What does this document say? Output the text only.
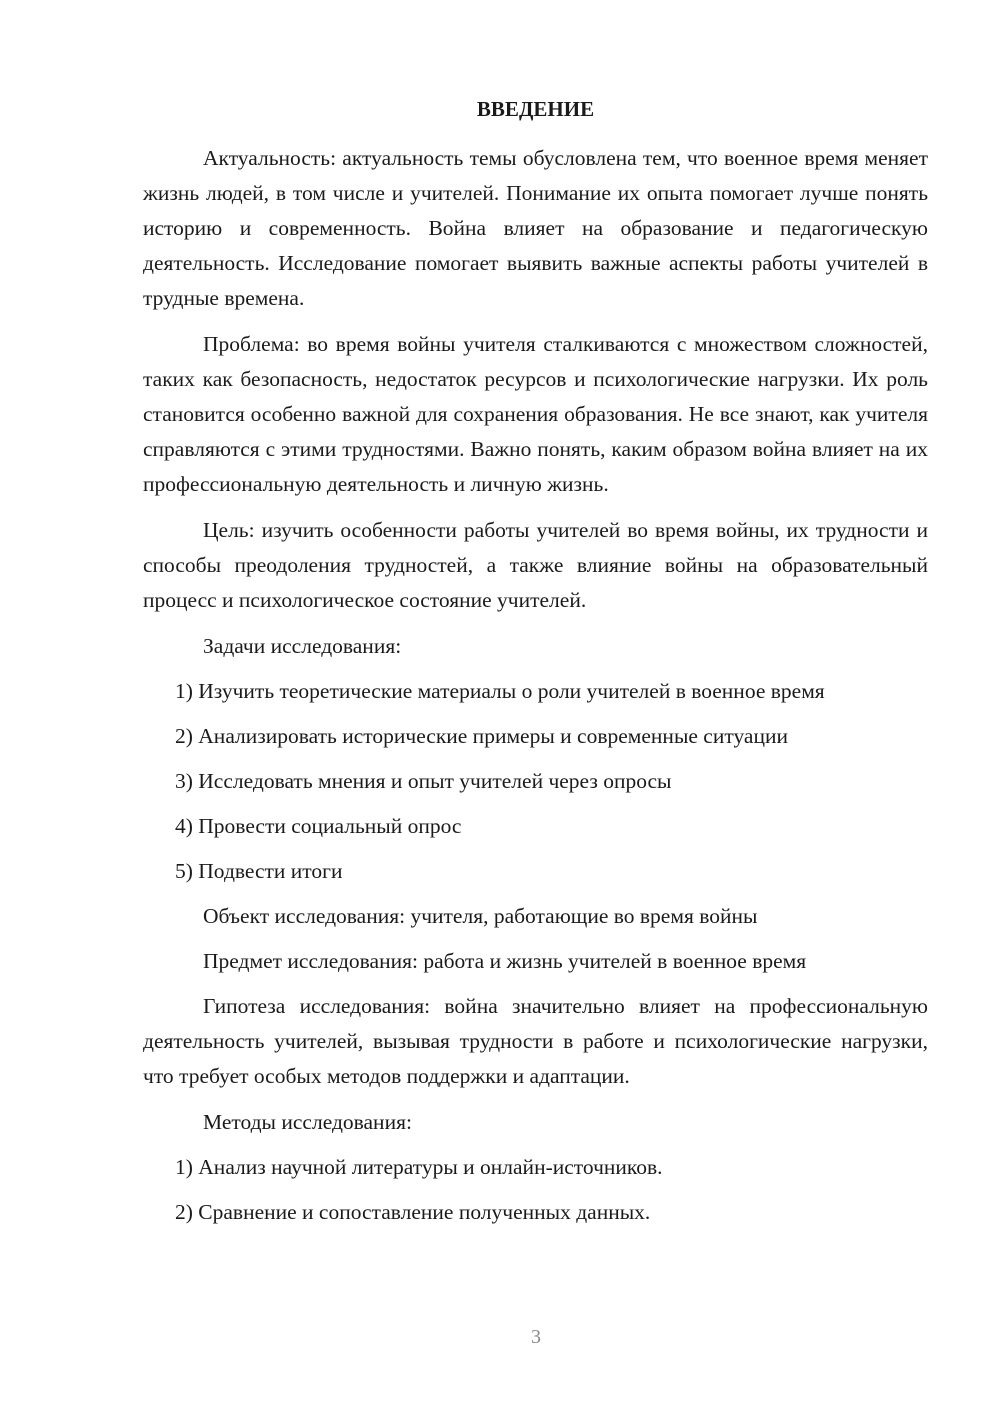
ВВЕДЕНИЕ

Актуальность: актуальность темы обусловлена тем, что военное время меняет жизнь людей, в том числе и учителей. Понимание их опыта помогает лучше понять историю и современность. Война влияет на образование и педагогическую деятельность. Исследование помогает выявить важные аспекты работы учителей в трудные времена.

Проблема: во время войны учителя сталкиваются с множеством сложностей, таких как безопасность, недостаток ресурсов и психологические нагрузки. Их роль становится особенно важной для сохранения образования. Не все знают, как учителя справляются с этими трудностями. Важно понять, каким образом война влияет на их профессиональную деятельность и личную жизнь.

Цель: изучить особенности работы учителей во время войны, их трудности и способы преодоления трудностей, а также влияние войны на образовательный процесс и психологическое состояние учителей.

Задачи исследования:

1) Изучить теоретические материалы о роли учителей в военное время

2) Анализировать исторические примеры и современные ситуации

3) Исследовать мнения и опыт учителей через опросы

4) Провести социальный опрос

5) Подвести итоги

Объект исследования: учителя, работающие во время войны

Предмет исследования: работа и жизнь учителей в военное время

Гипотеза исследования: война значительно влияет на профессиональную деятельность учителей, вызывая трудности в работе и психологические нагрузки, что требует особых методов поддержки и адаптации.

Методы исследования:

1) Анализ научной литературы и онлайн-источников.

2) Сравнение и сопоставление полученных данных.

3
